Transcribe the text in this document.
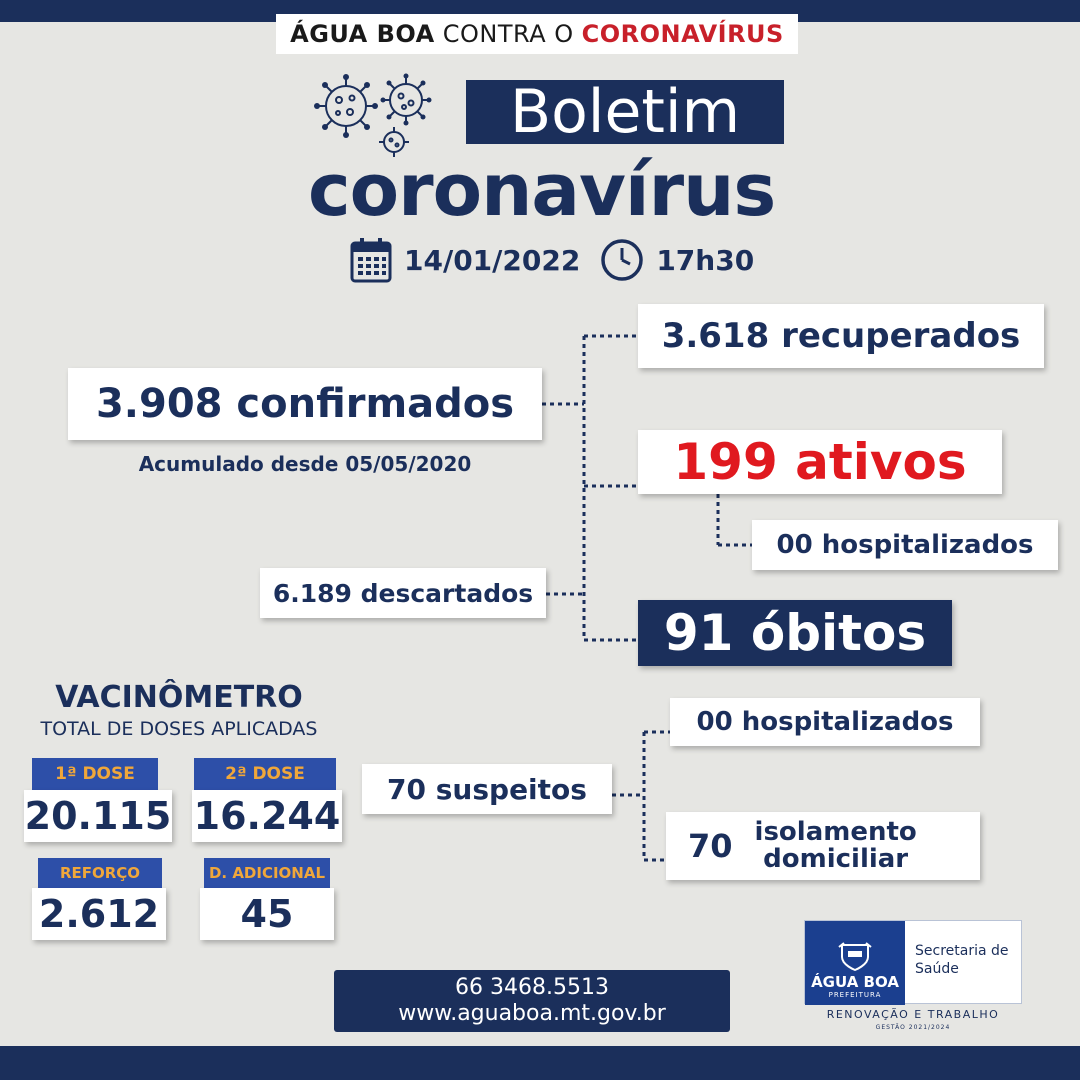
ÁGUA BOA CONTRA O CORONAVÍRUS
Boletim
coronavírus
14/01/2022	17h30
3.908 confirmados
Acumulado desde 05/05/2020
3.618 recuperados
199 ativos
00 hospitalizados
6.189 descartados
91 óbitos
70 suspeitos
00 hospitalizados
70 isolamento
domiciliar
VACINÔMETRO
TOTAL DE DOSES APLICADAS
1ª DOSE
20.115
2ª DOSE
16.244
REFORÇO
2.612
D. ADICIONAL
45
66 3468.5513
www.aguaboa.mt.gov.br
ÁGUA BOA
PREFEITURA
Secretaria de
Saúde
RENOVAÇÃO E TRABALHO
GESTÃO 2021/2024
